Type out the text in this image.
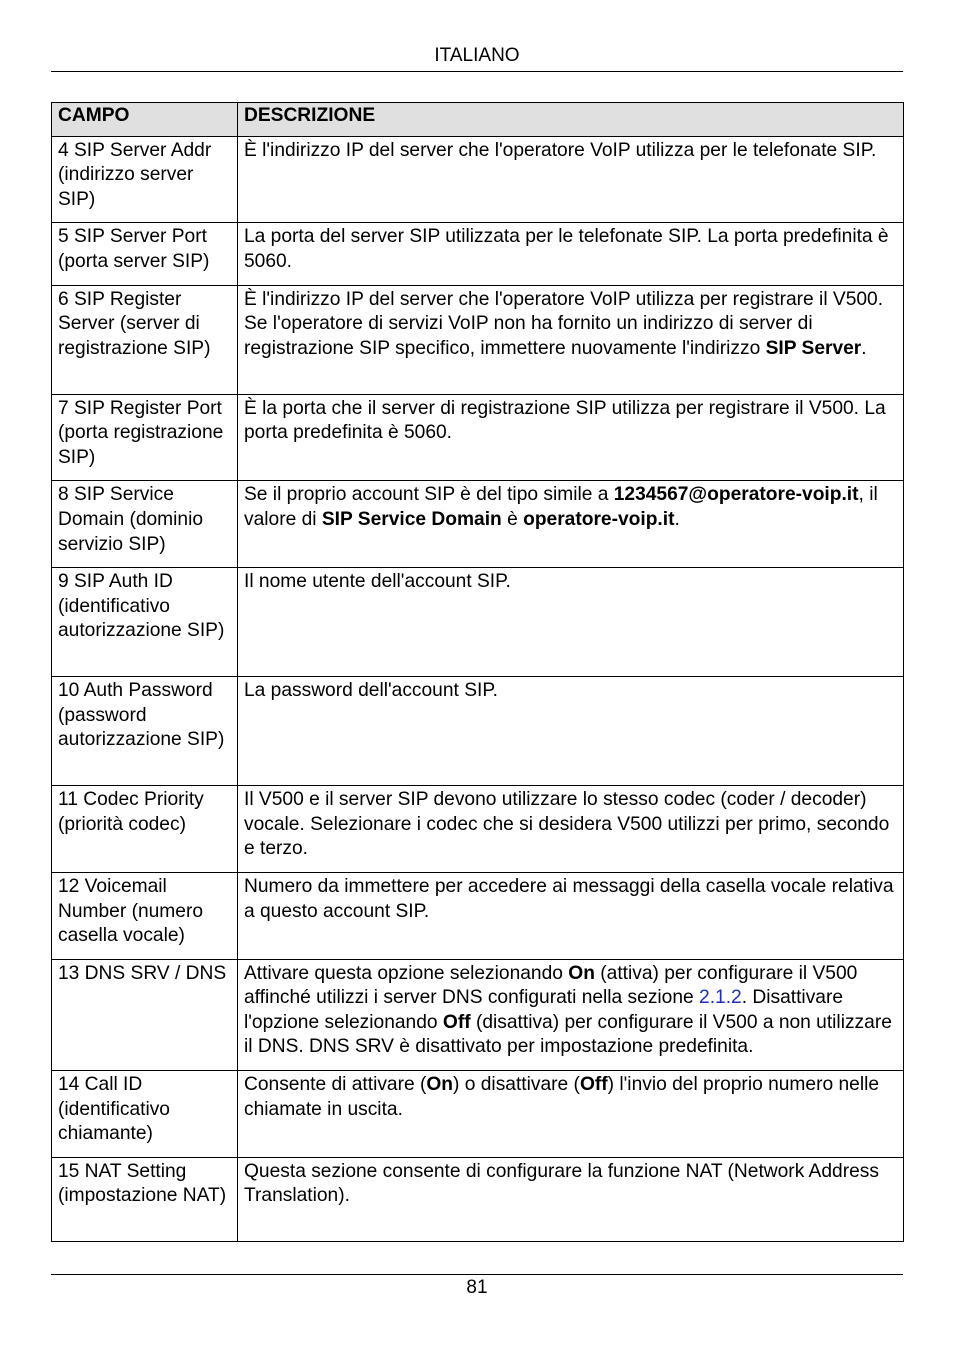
ITALIANO
CAMPO	DESCRIZIONE
4 SIP Server Addr (indirizzo server SIP)	È l'indirizzo IP del server che l'operatore VoIP utilizza per le telefonate SIP.
5 SIP Server Port (porta server SIP)	La porta del server SIP utilizzata per le telefonate SIP. La porta predefinita è 5060.
6 SIP Register Server (server di registrazione SIP)	È l'indirizzo IP del server che l'operatore VoIP utilizza per registrare il V500. Se l'operatore di servizi VoIP non ha fornito un indirizzo di server di registrazione SIP specifico, immettere nuovamente l'indirizzo SIP Server.
7 SIP Register Port (porta registrazione SIP)	È la porta che il server di registrazione SIP utilizza per registrare il V500. La porta predefinita è 5060.
8 SIP Service Domain (dominio servizio SIP)	Se il proprio account SIP è del tipo simile a 1234567@operatore-voip.it, il valore di SIP Service Domain è operatore-voip.it.
9 SIP Auth ID (identificativo autorizzazione SIP)	Il nome utente dell'account SIP.
10 Auth Password (password autorizzazione SIP)	La password dell'account SIP.
11 Codec Priority (priorità codec)	Il V500 e il server SIP devono utilizzare lo stesso codec (coder / decoder) vocale. Selezionare i codec che si desidera V500 utilizzi per primo, secondo e terzo.
12 Voicemail Number (numero casella vocale)	Numero da immettere per accedere ai messaggi della casella vocale relativa a questo account SIP.
13 DNS SRV / DNS	Attivare questa opzione selezionando On (attiva) per configurare il V500 affinché utilizzi i server DNS configurati nella sezione 2.1.2. Disattivare l'opzione selezionando Off (disattiva) per configurare il V500 a non utilizzare il DNS. DNS SRV è disattivato per impostazione predefinita.
14 Call ID (identificativo chiamante)	Consente di attivare (On) o disattivare (Off) l'invio del proprio numero nelle chiamate in uscita.
15 NAT Setting (impostazione NAT)	Questa sezione consente di configurare la funzione NAT (Network Address Translation).
81
